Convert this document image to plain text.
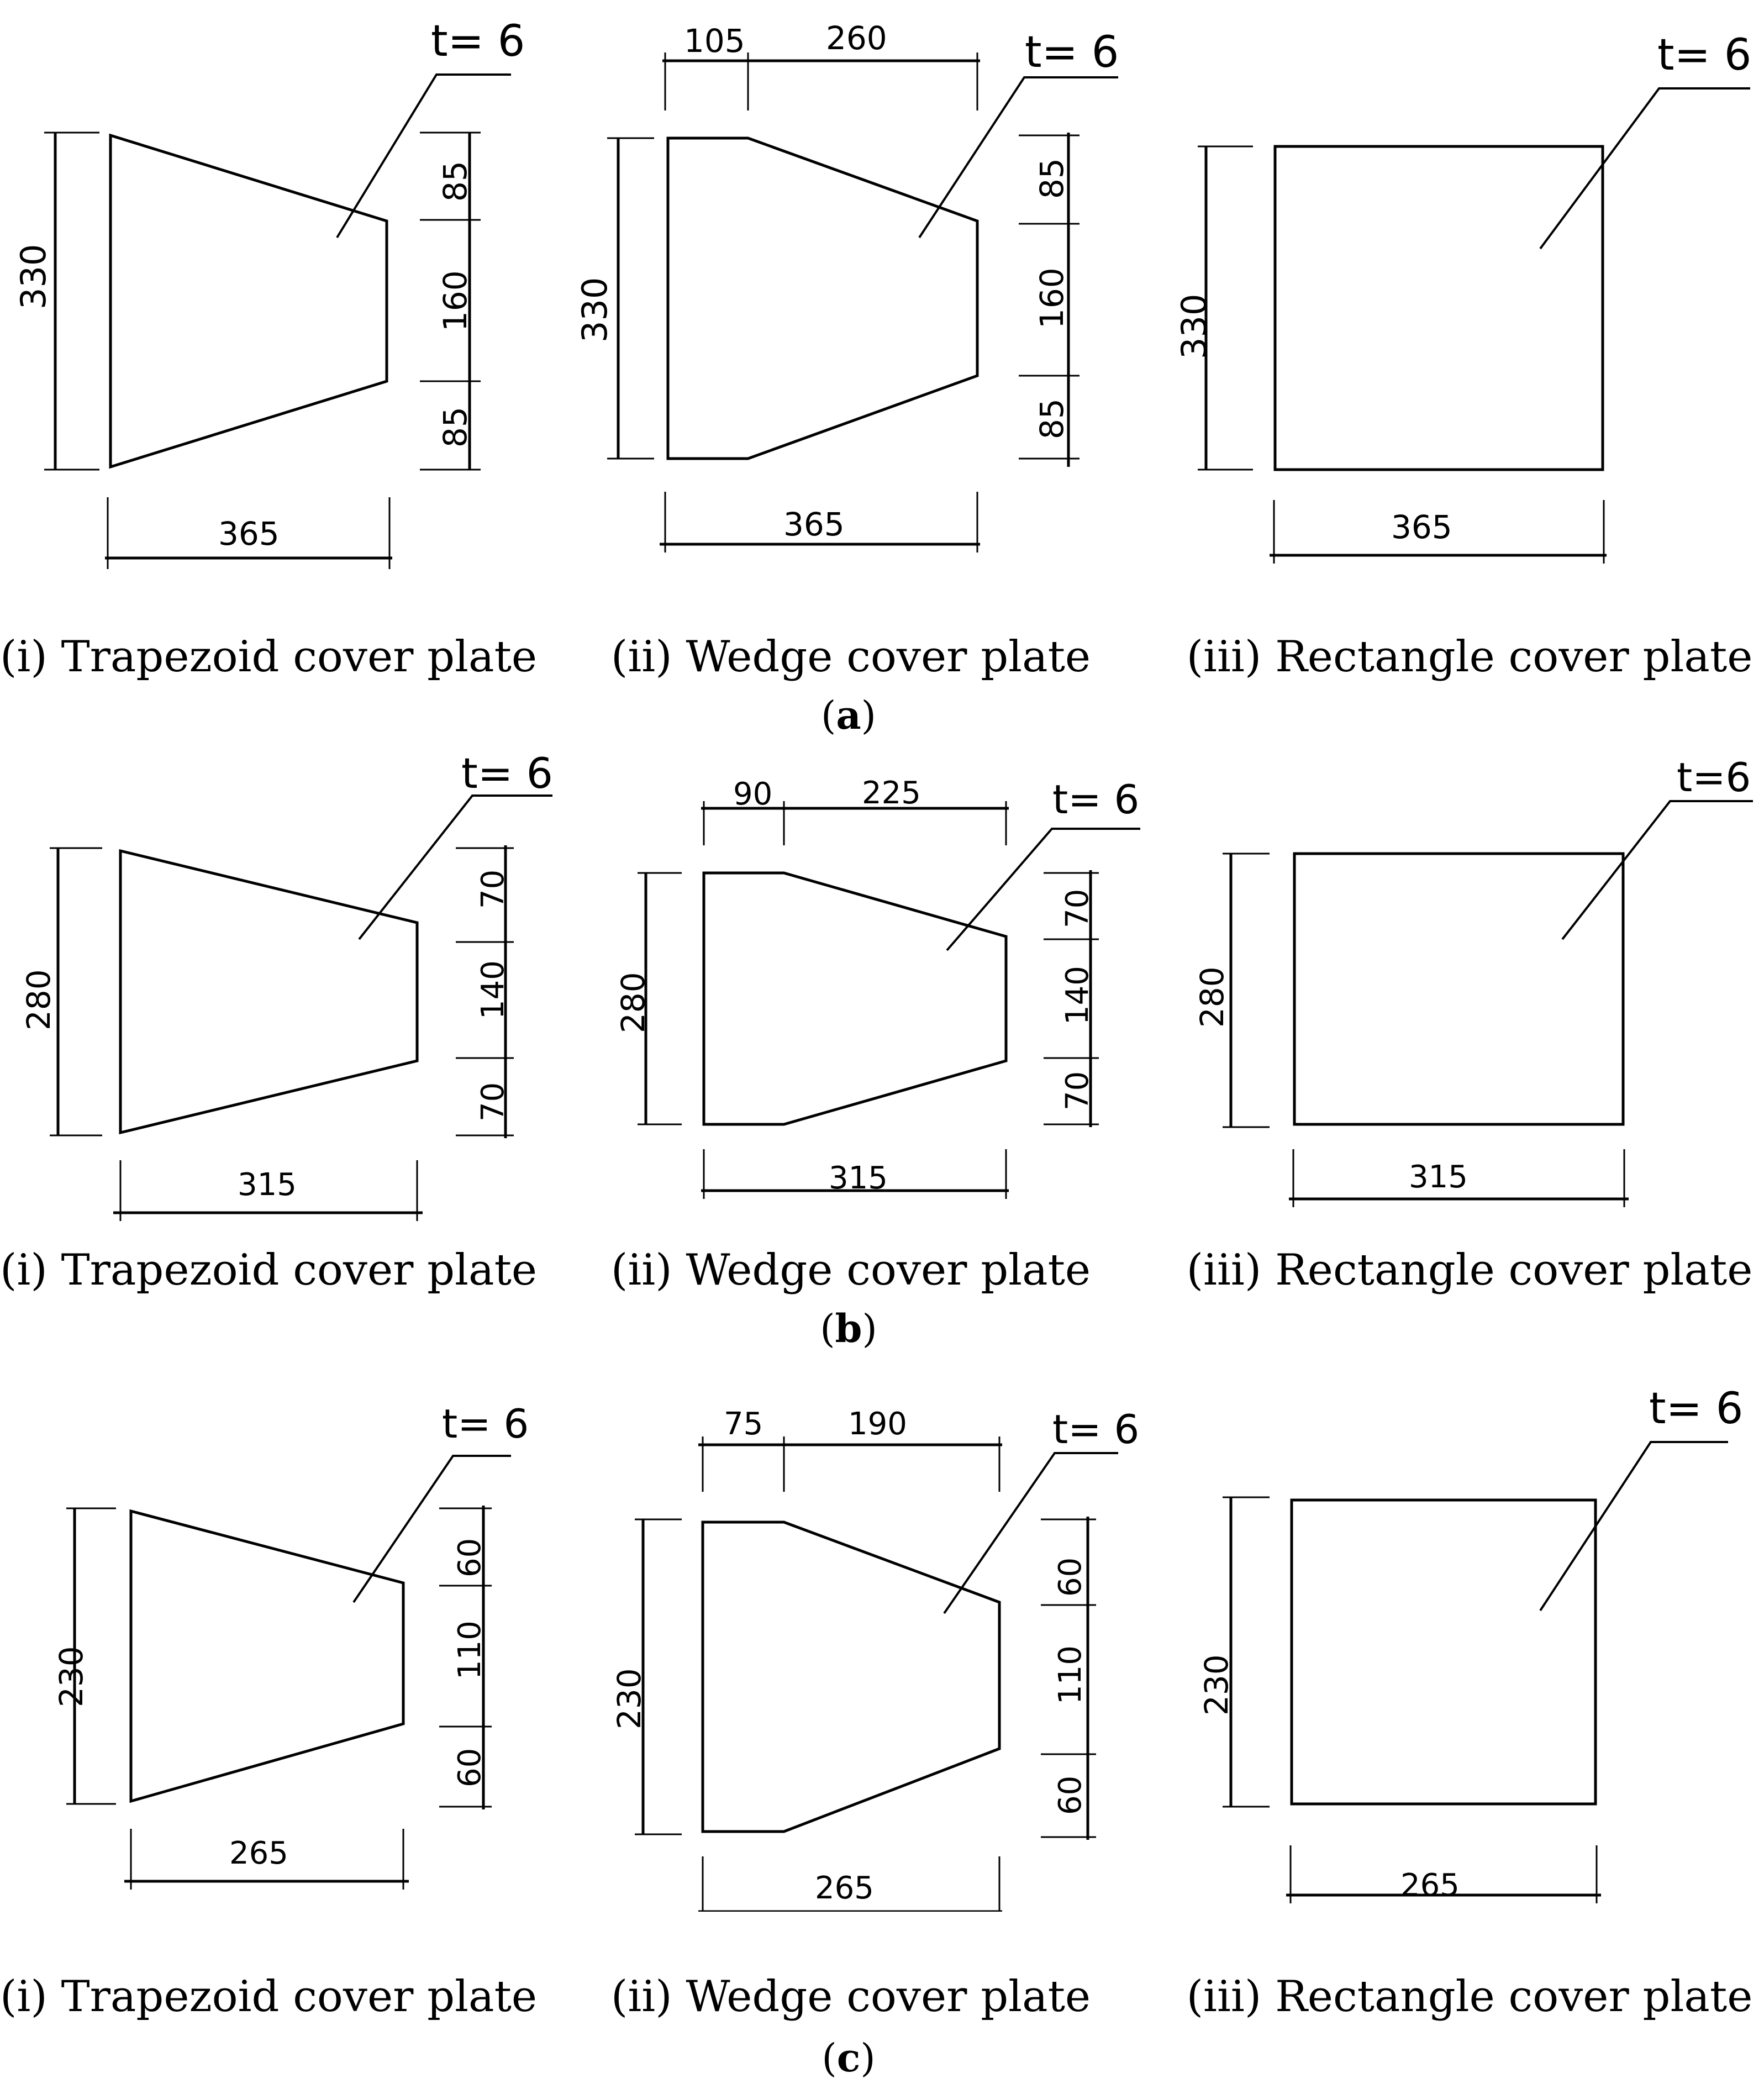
330
85
160
85
365
t= 6
330
105	260
85
160
85
365
t= 6
330
365
t= 6
(i) Trapezoid cover plate	(ii) Wedge cover plate	(iii) Rectangle cover plate
(a)
280
70
140
70
315
t= 6
280
90	225
70
140
70
315
t= 6
280
315
t=6
(i) Trapezoid cover plate	(ii) Wedge cover plate	(iii) Rectangle cover plate
(b)
230
60
110
60
265
t= 6
230
75	190
60
110
60
265
t= 6
230
265
t= 6
(i) Trapezoid cover plate	(ii) Wedge cover plate	(iii) Rectangle cover plate
(c)
